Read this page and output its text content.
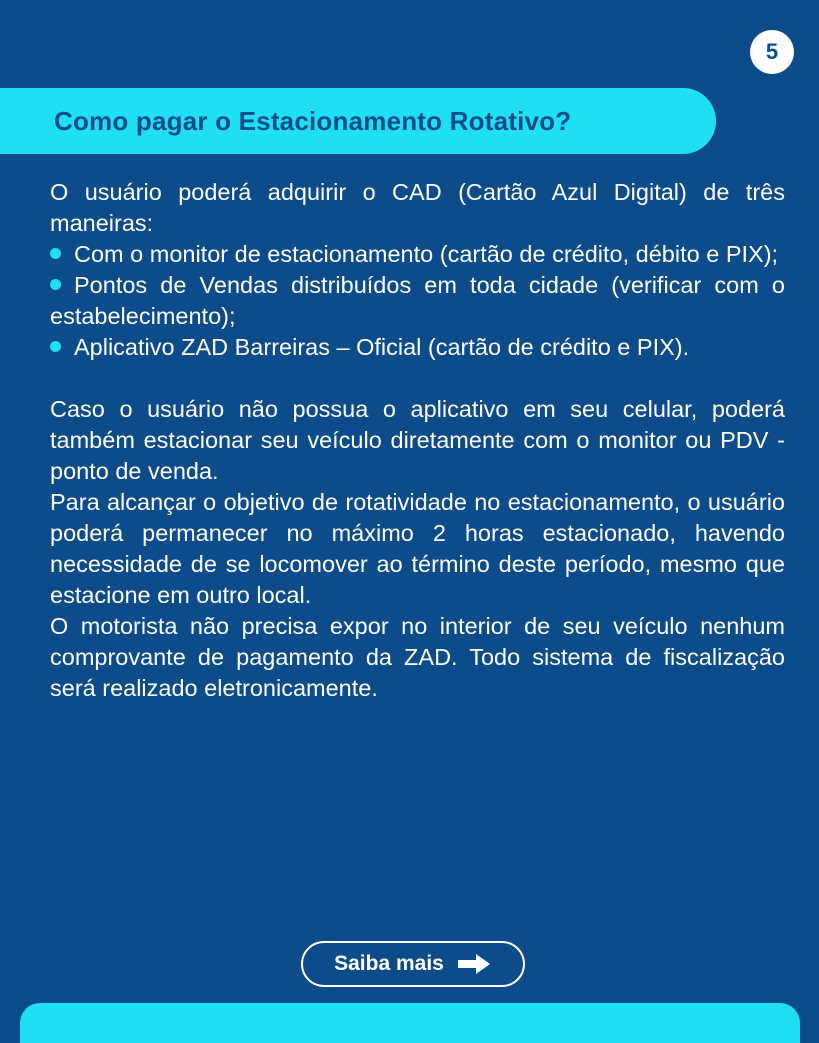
5
Como pagar o Estacionamento Rotativo?

O usuário poderá adquirir o CAD (Cartão Azul Digital) de três maneiras:

Com o monitor de estacionamento (cartão de crédito, débito e PIX);

Pontos de Vendas distribuídos em toda cidade (verificar com o estabelecimento);

Aplicativo ZAD Barreiras – Oficial (cartão de crédito e PIX).

Caso o usuário não possua o aplicativo em seu celular, poderá também estacionar seu veículo diretamente com o monitor ou PDV - ponto de venda.

Para alcançar o objetivo de rotatividade no estacionamento, o usuário poderá permanecer no máximo 2 horas estacionado, havendo necessidade de se locomover ao término deste período, mesmo que estacione em outro local.

O motorista não precisa expor no interior de seu veículo nenhum comprovante de pagamento da ZAD. Todo sistema de fiscalização será realizado eletronicamente.

Saiba mais
